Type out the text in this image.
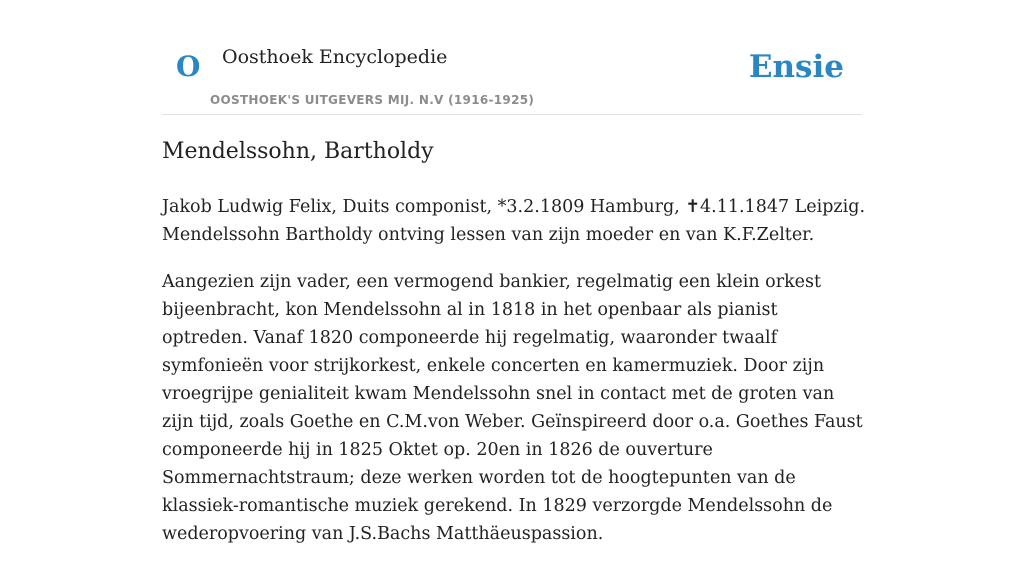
O Oosthoek Encyclopedie
OOSTHOEK'S UITGEVERS MIJ. N.V (1916-1925)
Ensie
Mendelssohn, Bartholdy

Jakob Ludwig Felix, Duits componist, *3.2.1809 Hamburg, ✝4.11.1847 Leipzig. Mendelssohn Bartholdy ontving lessen van zijn moeder en van K.F.Zelter.

Aangezien zijn vader, een vermogend bankier, regelmatig een klein orkest bijeenbracht, kon Mendelssohn al in 1818 in het openbaar als pianist optreden. Vanaf 1820 componeerde hij regelmatig, waaronder twaalf symfonieën voor strijkorkest, enkele concerten en kamermuziek. Door zijn vroegrijpe genialiteit kwam Mendelssohn snel in contact met de groten van zijn tijd, zoals Goethe en C.M.von Weber. Geïnspireerd door o.a. Goethes Faust componeerde hij in 1825 Oktet op. 20en in 1826 de ouverture Sommernachtstraum; deze werken worden tot de hoogtepunten van de klassiek-romantische muziek gerekend. In 1829 verzorgde Mendelssohn de wederopvoering van J.S.Bachs Matthäeuspassion.
